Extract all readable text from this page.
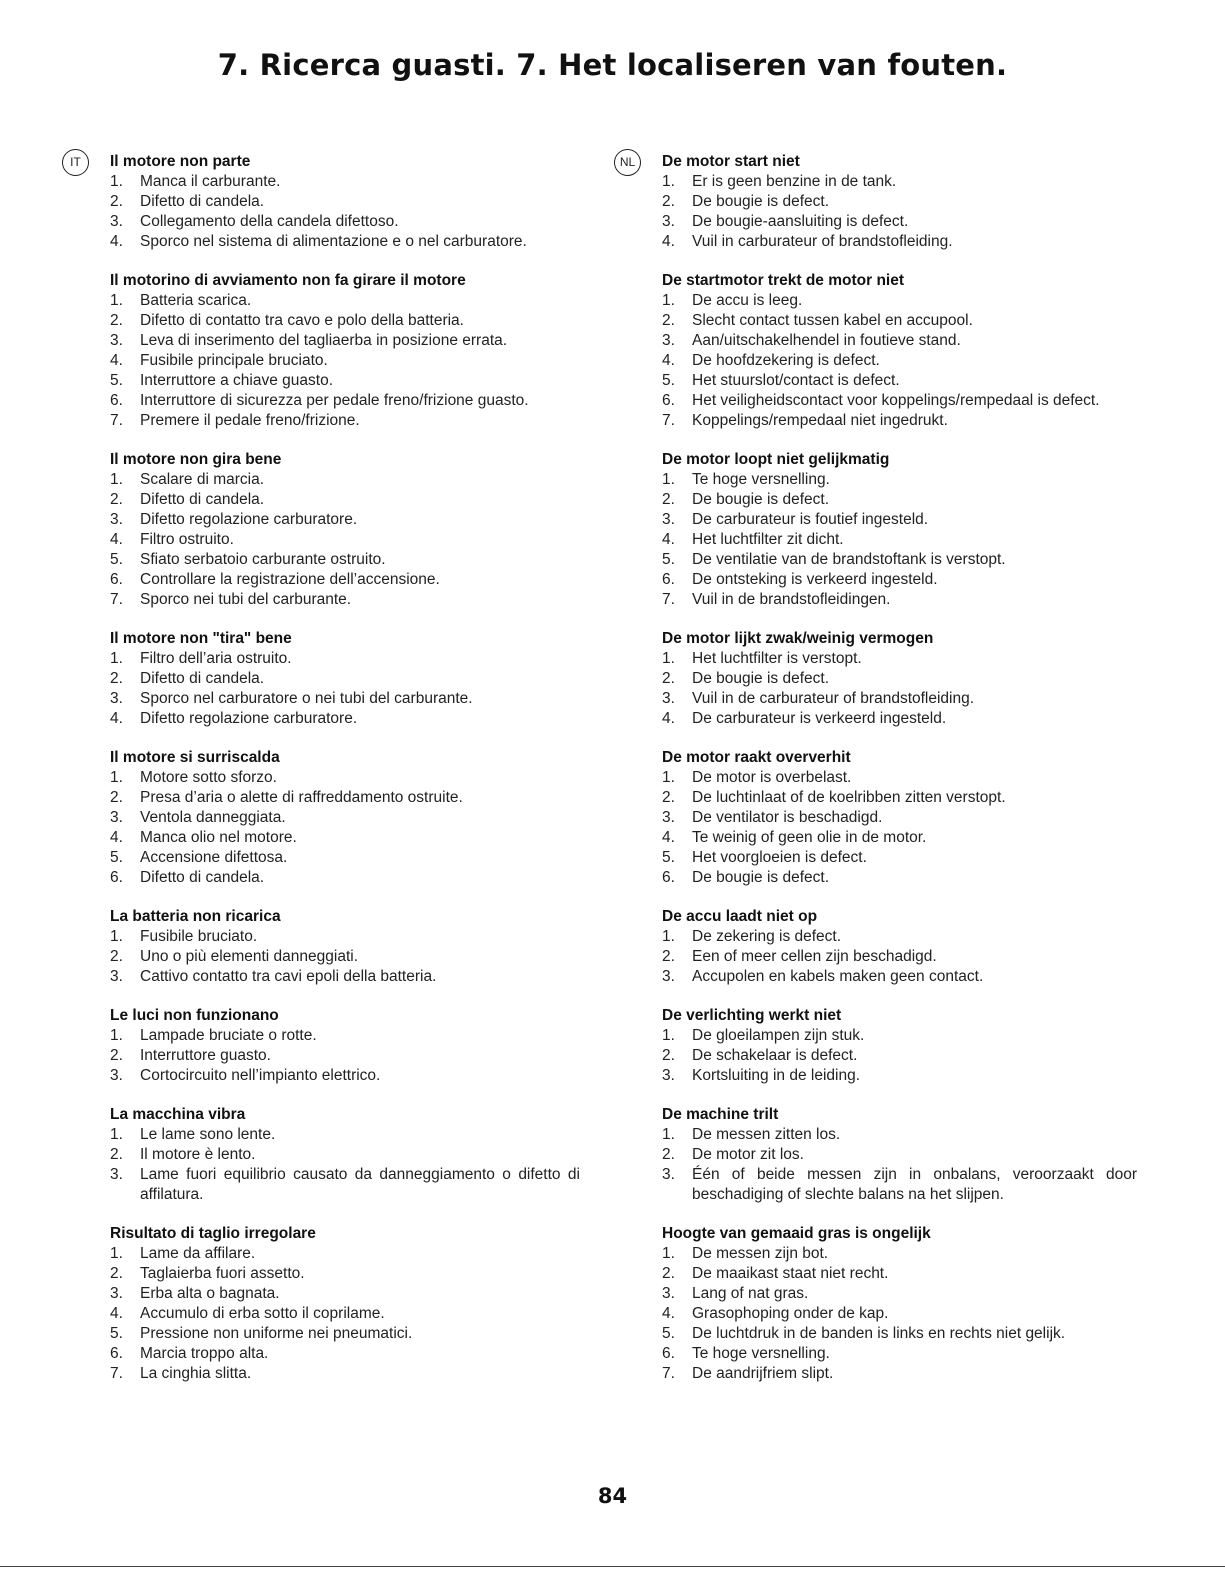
7. Ricerca guasti. 7. Het localiseren van fouten.
IT	Il motore non parte
1. Manca il carburante.
2. Difetto di candela.
3. Collegamento della candela difettoso.
4. Sporco nel sistema di alimentazione e o nel carburatore.
Il motorino di avviamento non fa girare il motore
1. Batteria scarica.
2. Difetto di contatto tra cavo e polo della batteria.
3. Leva di inserimento del tagliaerba in posizione errata.
4. Fusibile principale bruciato.
5. Interruttore a chiave guasto.
6. Interruttore di sicurezza per pedale freno/frizione guasto.
7. Premere il pedale freno/frizione.
Il motore non gira bene
1. Scalare di marcia.
2. Difetto di candela.
3. Difetto regolazione carburatore.
4. Filtro ostruito.
5. Sfiato serbatoio carburante ostruito.
6. Controllare la registrazione dell’accensione.
7. Sporco nei tubi del carburante.
Il motore non "tira" bene
1. Filtro dell’aria ostruito.
2. Difetto di candela.
3. Sporco nel carburatore o nei tubi del carburante.
4. Difetto regolazione carburatore.
Il motore si surriscalda
1. Motore sotto sforzo.
2. Presa d’aria o alette di raffreddamento ostruite.
3. Ventola danneggiata.
4. Manca olio nel motore.
5. Accensione difettosa.
6. Difetto di candela.
La batteria non ricarica
1. Fusibile bruciato.
2. Uno o più elementi danneggiati.
3. Cattivo contatto tra cavi epoli della batteria.
Le luci non funzionano
1. Lampade bruciate o rotte.
2. Interruttore guasto.
3. Cortocircuito nell’impianto elettrico.
La macchina vibra
1. Le lame sono lente.
2. Il motore è lento.
3. Lame fuori equilibrio causato da danneggiamento o difetto di affilatura.
Risultato di taglio irregolare
1. Lame da affilare.
2. Taglaierba fuori assetto.
3. Erba alta o bagnata.
4. Accumulo di erba sotto il coprilame.
5. Pressione non uniforme nei pneumatici.
6. Marcia troppo alta.
7. La cinghia slitta.
NL	De motor start niet
1. Er is geen benzine in de tank.
2. De bougie is defect.
3. De bougie-aansluiting is defect.
4. Vuil in carburateur of brandstofleiding.
De startmotor trekt de motor niet
1. De accu is leeg.
2. Slecht contact tussen kabel en accupool.
3. Aan/uitschakelhendel in foutieve stand.
4. De hoofdzekering is defect.
5. Het stuurslot/contact is defect.
6. Het veiligheidscontact voor koppelings/rempedaal is defect.
7. Koppelings/rempedaal niet ingedrukt.
De motor loopt niet gelijkmatig
1. Te hoge versnelling.
2. De bougie is defect.
3. De carburateur is foutief ingesteld.
4. Het luchtfilter zit dicht.
5. De ventilatie van de brandstoftank is verstopt.
6. De ontsteking is verkeerd ingesteld.
7. Vuil in de brandstofleidingen.
De motor lijkt zwak/weinig vermogen
1. Het luchtfilter is verstopt.
2. De bougie is defect.
3. Vuil in de carburateur of brandstofleiding.
4. De carburateur is verkeerd ingesteld.
De motor raakt oververhit
1. De motor is overbelast.
2. De luchtinlaat of de koelribben zitten verstopt.
3. De ventilator is beschadigd.
4. Te weinig of geen olie in de motor.
5. Het voorgloeien is defect.
6. De bougie is defect.
De accu laadt niet op
1. De zekering is defect.
2. Een of meer cellen zijn beschadigd.
3. Accupolen en kabels maken geen contact.
De verlichting werkt niet
1. De gloeilampen zijn stuk.
2. De schakelaar is defect.
3. Kortsluiting in de leiding.
De machine trilt
1. De messen zitten los.
2. De motor zit los.
3. Één of beide messen zijn in onbalans, veroorzaakt door beschadiging of slechte balans na het slijpen.
Hoogte van gemaaid gras is ongelijk
1. De messen zijn bot.
2. De maaikast staat niet recht.
3. Lang of nat gras.
4. Grasophoping onder de kap.
5. De luchtdruk in de banden is links en rechts niet gelijk.
6. Te hoge versnelling.
7. De aandrijfriem slipt.
84
